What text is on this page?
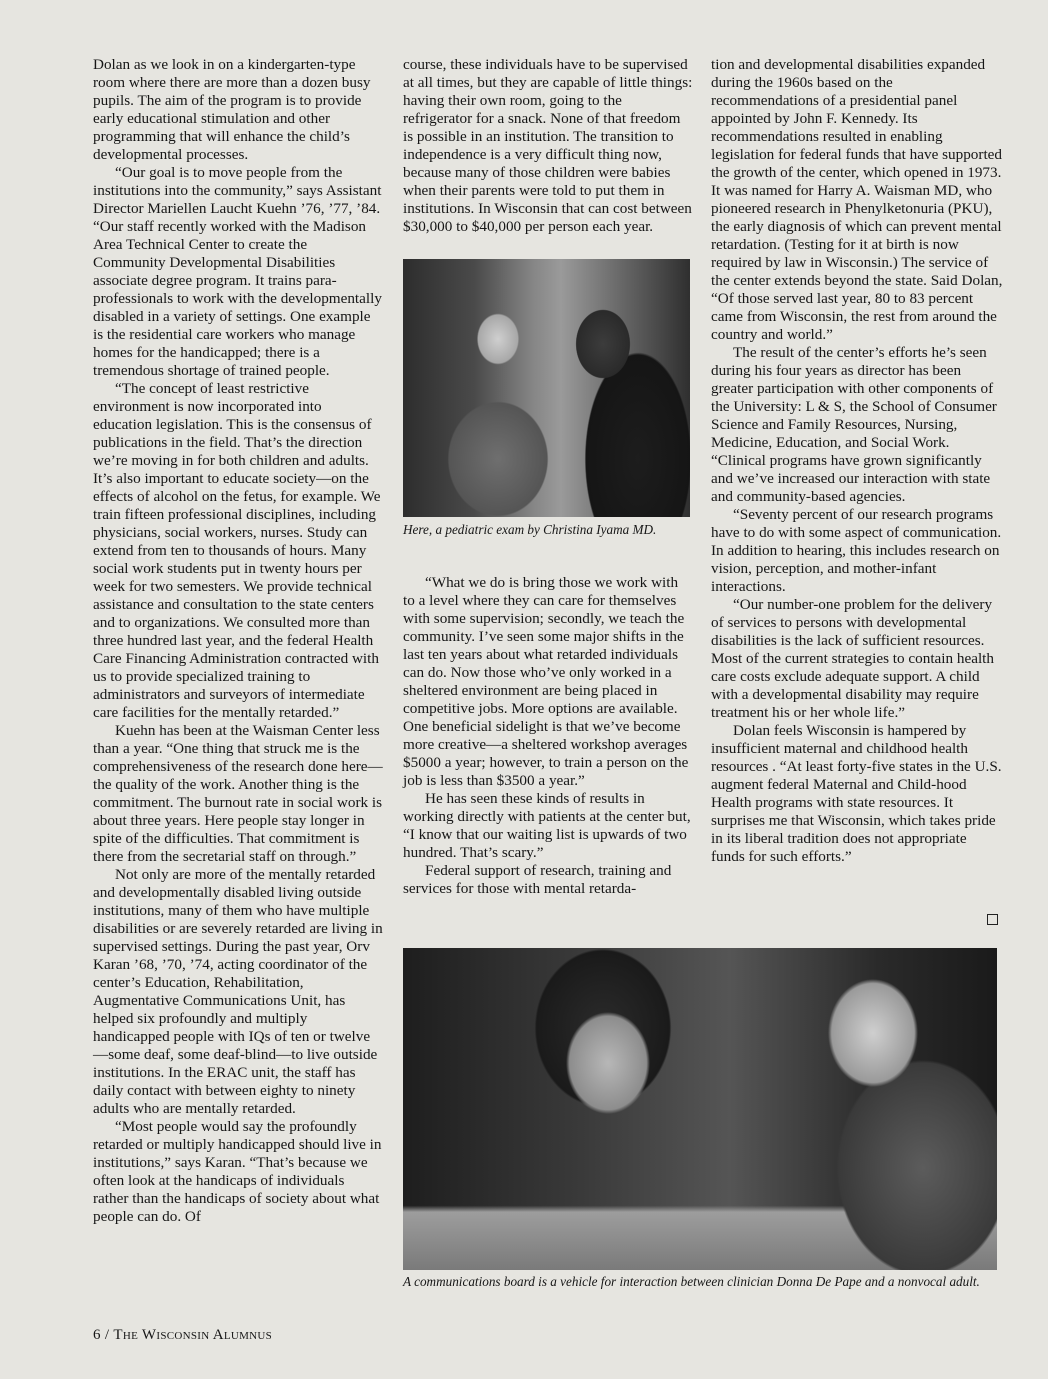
Dolan as we look in on a kindergarten-type room where there are more than a dozen busy pupils. The aim of the program is to provide early educational stimulation and other programming that will enhance the child’s developmental processes.

“Our goal is to move people from the institutions into the community,” says Assistant Director Mariellen Laucht Kuehn ’76, ’77, ’84. “Our staff recently worked with the Madison Area Technical Center to create the Community Developmental Disabilities associate degree program. It trains para-professionals to work with the developmentally disabled in a variety of settings. One example is the residential care workers who manage homes for the handicapped; there is a tremendous shortage of trained people.

“The concept of least restrictive environment is now incorporated into education legislation. This is the consensus of publications in the field. That’s the direction we’re moving in for both children and adults. It’s also important to educate society—on the effects of alcohol on the fetus, for example. We train fifteen professional disciplines, including physicians, social workers, nurses. Study can extend from ten to thousands of hours. Many social work students put in twenty hours per week for two semesters. We provide technical assistance and consultation to the state centers and to organizations. We consulted more than three hundred last year, and the federal Health Care Financing Administration contracted with us to provide specialized training to administrators and surveyors of intermediate care facilities for the mentally retarded.”

Kuehn has been at the Waisman Center less than a year. “One thing that struck me is the comprehensiveness of the research done here—the quality of the work. Another thing is the commitment. The burnout rate in social work is about three years. Here people stay longer in spite of the difficulties. That commitment is there from the secretarial staff on through.”

Not only are more of the mentally retarded and developmentally disabled living outside institutions, many of them who have multiple disabilities or are severely retarded are living in supervised settings. During the past year, Orv Karan ’68, ’70, ’74, acting coordinator of the center’s Education, Rehabilitation, Augmentative Communications Unit, has helped six profoundly and multiply handicapped people with IQs of ten or twelve—some deaf, some deaf-blind—to live outside institutions. In the ERAC unit, the staff has daily contact with between eighty to ninety adults who are mentally retarded.

“Most people would say the profoundly retarded or multiply handicapped should live in institutions,” says Karan. “That’s because we often look at the handicaps of individuals rather than the handicaps of society about what people can do. Of

course, these individuals have to be supervised at all times, but they are capable of little things: having their own room, going to the refrigerator for a snack. None of that freedom is possible in an institution. The transition to independence is a very difficult thing now, because many of those children were babies when their parents were told to put them in institutions. In Wisconsin that can cost between $30,000 to $40,000 per person each year.

Here, a pediatric exam by Christina Iyama MD.

“What we do is bring those we work with to a level where they can care for themselves with some supervision; secondly, we teach the community. I’ve seen some major shifts in the last ten years about what retarded individuals can do. Now those who’ve only worked in a sheltered environment are being placed in competitive jobs. More options are available. One beneficial sidelight is that we’ve become more creative—a sheltered workshop averages $5000 a year; however, to train a person on the job is less than $3500 a year.”

He has seen these kinds of results in working directly with patients at the center but, “I know that our waiting list is upwards of two hundred. That’s scary.”

Federal support of research, training and services for those with mental retarda-

tion and developmental disabilities expanded during the 1960s based on the recommendations of a presidential panel appointed by John F. Kennedy. Its recommendations resulted in enabling legislation for federal funds that have supported the growth of the center, which opened in 1973. It was named for Harry A. Waisman MD, who pioneered research in Phenylketonuria (PKU), the early diagnosis of which can prevent mental retardation. (Testing for it at birth is now required by law in Wisconsin.) The service of the center extends beyond the state. Said Dolan, “Of those served last year, 80 to 83 percent came from Wisconsin, the rest from around the country and world.”

The result of the center’s efforts he’s seen during his four years as director has been greater participation with other components of the University: L & S, the School of Consumer Science and Family Resources, Nursing, Medicine, Education, and Social Work. “Clinical programs have grown significantly and we’ve increased our interaction with state and community-based agencies.

“Seventy percent of our research programs have to do with some aspect of communication. In addition to hearing, this includes research on vision, perception, and mother-infant interactions.

“Our number-one problem for the delivery of services to persons with developmental disabilities is the lack of sufficient resources. Most of the current strategies to contain health care costs exclude adequate support. A child with a developmental disability may require treatment his or her whole life.”

Dolan feels Wisconsin is hampered by insufficient maternal and childhood health resources . “At least forty-five states in the U.S. augment federal Maternal and Child-hood Health programs with state resources. It surprises me that Wisconsin, which takes pride in its liberal tradition does not appropriate funds for such efforts.”

A communications board is a vehicle for interaction between clinician Donna De Pape and a nonvocal adult.
6 / The Wisconsin Alumnus
